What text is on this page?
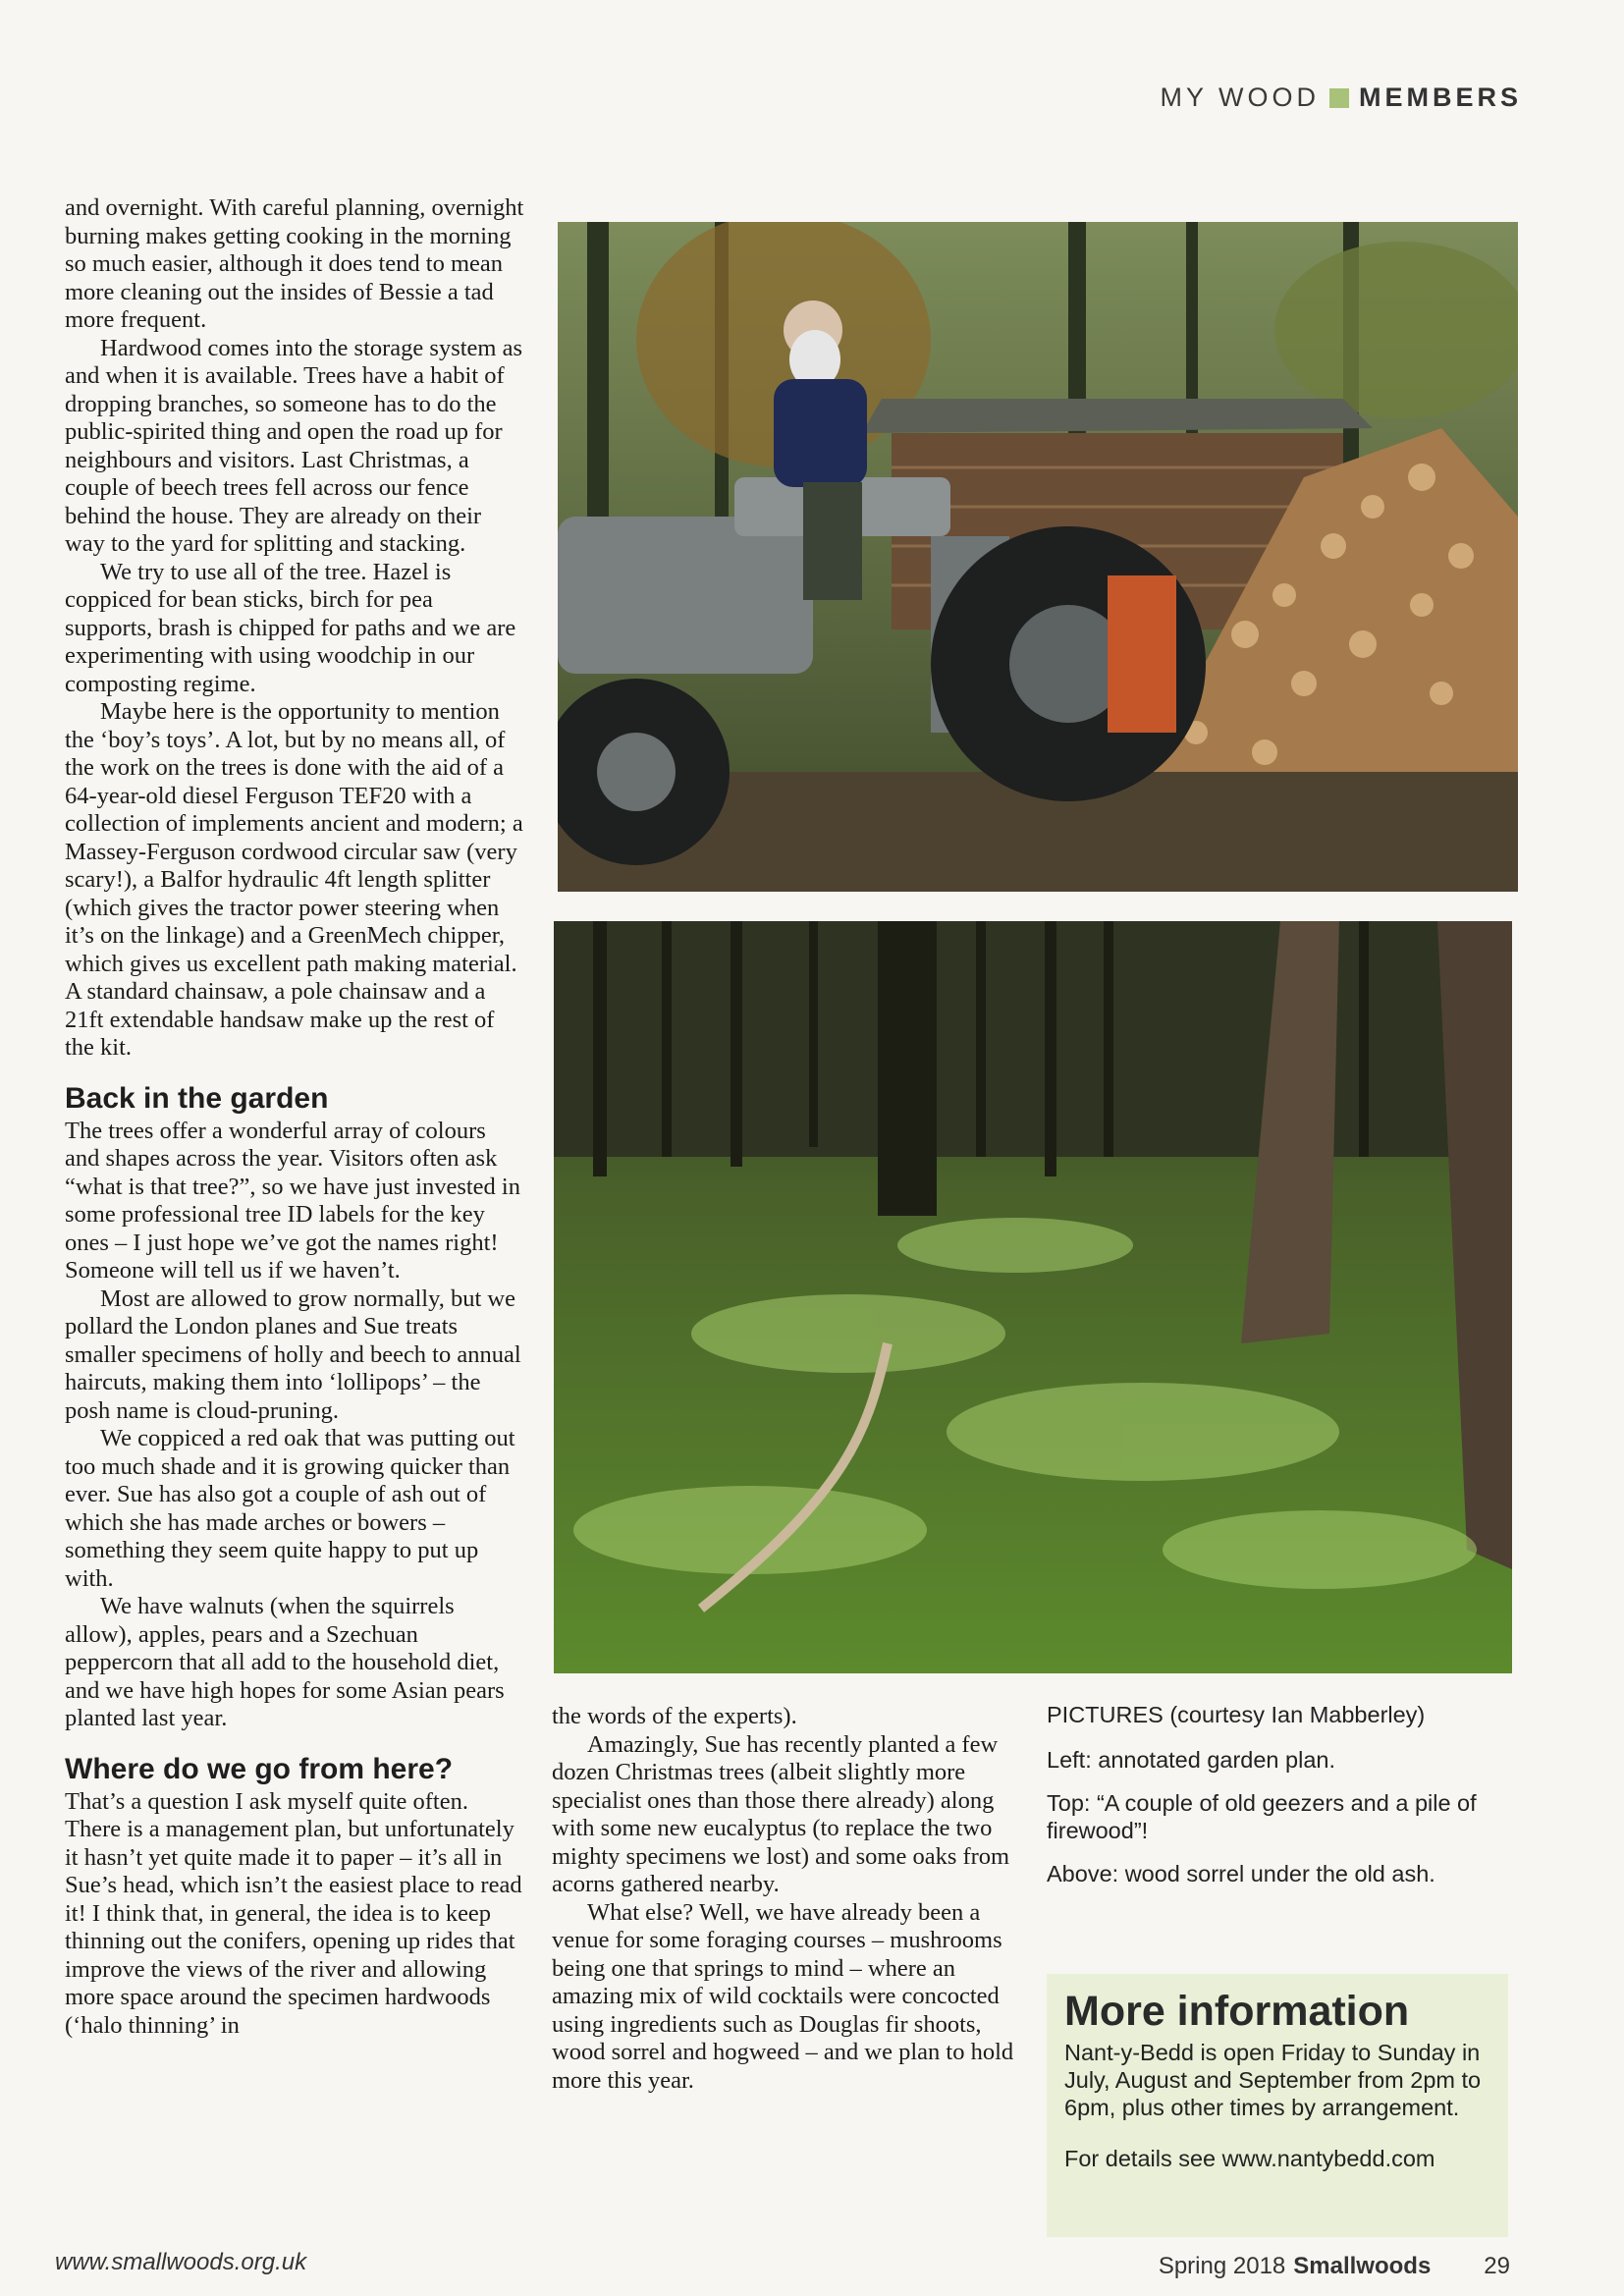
MY WOOD MEMBERS

and overnight. With careful planning, overnight burning makes getting cooking in the morning so much easier, although it does tend to mean more cleaning out the insides of Bessie a tad more frequent.

Hardwood comes into the storage system as and when it is available. Trees have a habit of dropping branches, so someone has to do the public-spirited thing and open the road up for neighbours and visitors. Last Christmas, a couple of beech trees fell across our fence behind the house. They are already on their way to the yard for splitting and stacking.

We try to use all of the tree. Hazel is coppiced for bean sticks, birch for pea supports, brash is chipped for paths and we are experimenting with using woodchip in our composting regime.

Maybe here is the opportunity to mention the ‘boy’s toys’. A lot, but by no means all, of the work on the trees is done with the aid of a 64-year-old diesel Ferguson TEF20 with a collection of implements ancient and modern; a Massey-Ferguson cordwood circular saw (very scary!), a Balfor hydraulic 4ft length splitter (which gives the tractor power steering when it’s on the linkage) and a GreenMech chipper, which gives us excellent path making material. A standard chainsaw, a pole chainsaw and a 21ft extendable handsaw make up the rest of the kit.

Back in the garden

The trees offer a wonderful array of colours and shapes across the year. Visitors often ask “what is that tree?”, so we have just invested in some professional tree ID labels for the key ones – I just hope we’ve got the names right! Someone will tell us if we haven’t.

Most are allowed to grow normally, but we pollard the London planes and Sue treats smaller specimens of holly and beech to annual haircuts, making them into ‘lollipops’ – the posh name is cloud-pruning.

We coppiced a red oak that was putting out too much shade and it is growing quicker than ever. Sue has also got a couple of ash out of which she has made arches or bowers – something they seem quite happy to put up with.

We have walnuts (when the squirrels allow), apples, pears and a Szechuan peppercorn that all add to the household diet, and we have high hopes for some Asian pears planted last year.

Where do we go from here?

That’s a question I ask myself quite often. There is a management plan, but unfortunately it hasn’t yet quite made it to paper – it’s all in Sue’s head, which isn’t the easiest place to read it! I think that, in general, the idea is to keep thinning out the conifers, opening up rides that improve the views of the river and allowing more space around the specimen hardwoods (‘halo thinning’ in

the words of the experts).

Amazingly, Sue has recently planted a few dozen Christmas trees (albeit slightly more specialist ones than those there already) along with some new eucalyptus (to replace the two mighty specimens we lost) and some oaks from acorns gathered nearby.

What else? Well, we have already been a venue for some foraging courses – mushrooms being one that springs to mind – where an amazing mix of wild cocktails were concocted using ingredients such as Douglas fir shoots, wood sorrel and hogweed – and we plan to hold more this year.

PICTURES (courtesy Ian Mabberley)

Left: annotated garden plan.

Top: “A couple of old geezers and a pile of firewood”!

Above: wood sorrel under the old ash.

More information

Nant-y-Bedd is open Friday to Sunday in July, August and September from 2pm to 6pm, plus other times by arrangement.

For details see www.nantybedd.com

www.smallwoods.org.uk	Spring 2018 Smallwoods 29
